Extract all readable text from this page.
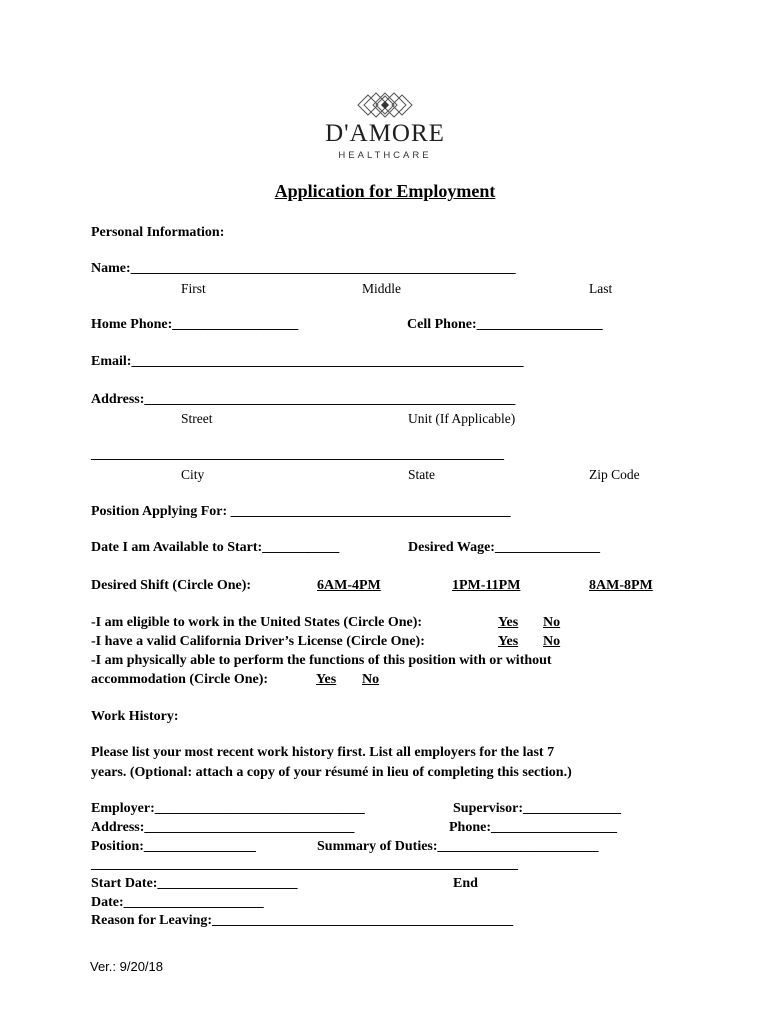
D'AMORE
HEALTHCARE
Application for Employment
Personal Information:
Name:_______________________________________________________
First	Middle	Last
Home Phone:__________________	Cell Phone:__________________
Email:________________________________________________________
Address:_____________________________________________________
Street	Unit (If Applicable)
___________________________________________________________
City	State	Zip Code
Position Applying For: ________________________________________
Date I am Available to Start:___________	Desired Wage:_______________
Desired Shift (Circle One):	6AM-4PM	1PM-11PM	8AM-8PM
-I am eligible to work in the United States (Circle One):	Yes No
-I have a valid California Driver’s License (Circle One):	Yes No
-I am physically able to perform the functions of this position with or without
accommodation (Circle One):	Yes No
Work History:
Please list your most recent work history first. List all employers for the last 7
years. (Optional: attach a copy of your résumé in lieu of completing this section.)
Employer:______________________________	Supervisor:______________
Address:______________________________	Phone:__________________
Position:________________	Summary of Duties:_______________________
_____________________________________________________________
Start Date:____________________	End
Date:____________________
Reason for Leaving:___________________________________________
Ver.: 9/20/18
